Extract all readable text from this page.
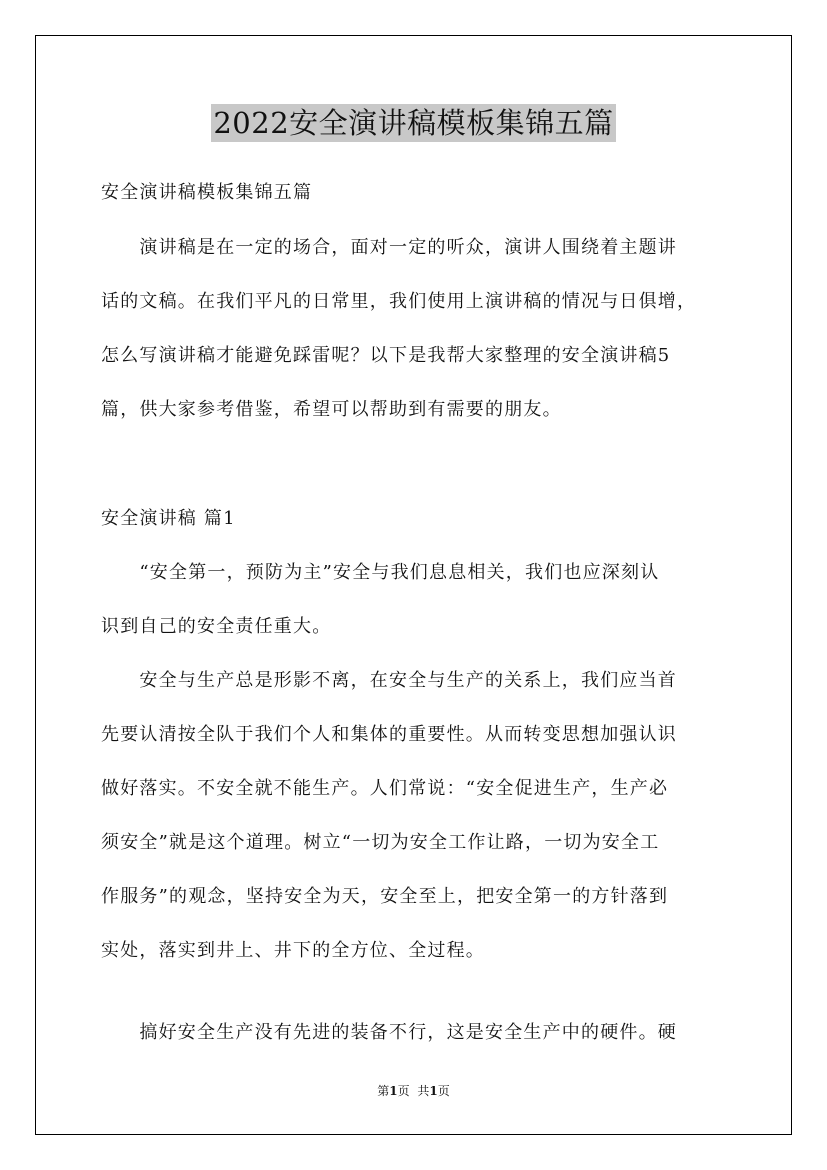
2022安全演讲稿模板集锦五篇
安全演讲稿模板集锦五篇
　　演讲稿是在一定的场合，面对一定的听众，演讲人围绕着主题讲
话的文稿。在我们平凡的日常里，我们使用上演讲稿的情况与日俱增，
怎么写演讲稿才能避免踩雷呢？以下是我帮大家整理的安全演讲稿5
篇，供大家参考借鉴，希望可以帮助到有需要的朋友。
安全演讲稿 篇1
　　“安全第一，预防为主”安全与我们息息相关，我们也应深刻认
识到自己的安全责任重大。
　　安全与生产总是形影不离，在安全与生产的关系上，我们应当首
先要认清按全队于我们个人和集体的重要性。从而转变思想加强认识
做好落实。不安全就不能生产。人们常说：“安全促进生产，生产必
须安全”就是这个道理。树立“一切为安全工作让路，一切为安全工
作服务”的观念，坚持安全为天，安全至上，把安全第一的方针落到
实处，落实到井上、井下的全方位、全过程。
　　搞好安全生产没有先进的装备不行，这是安全生产中的硬件。硬
第1页 共1页
